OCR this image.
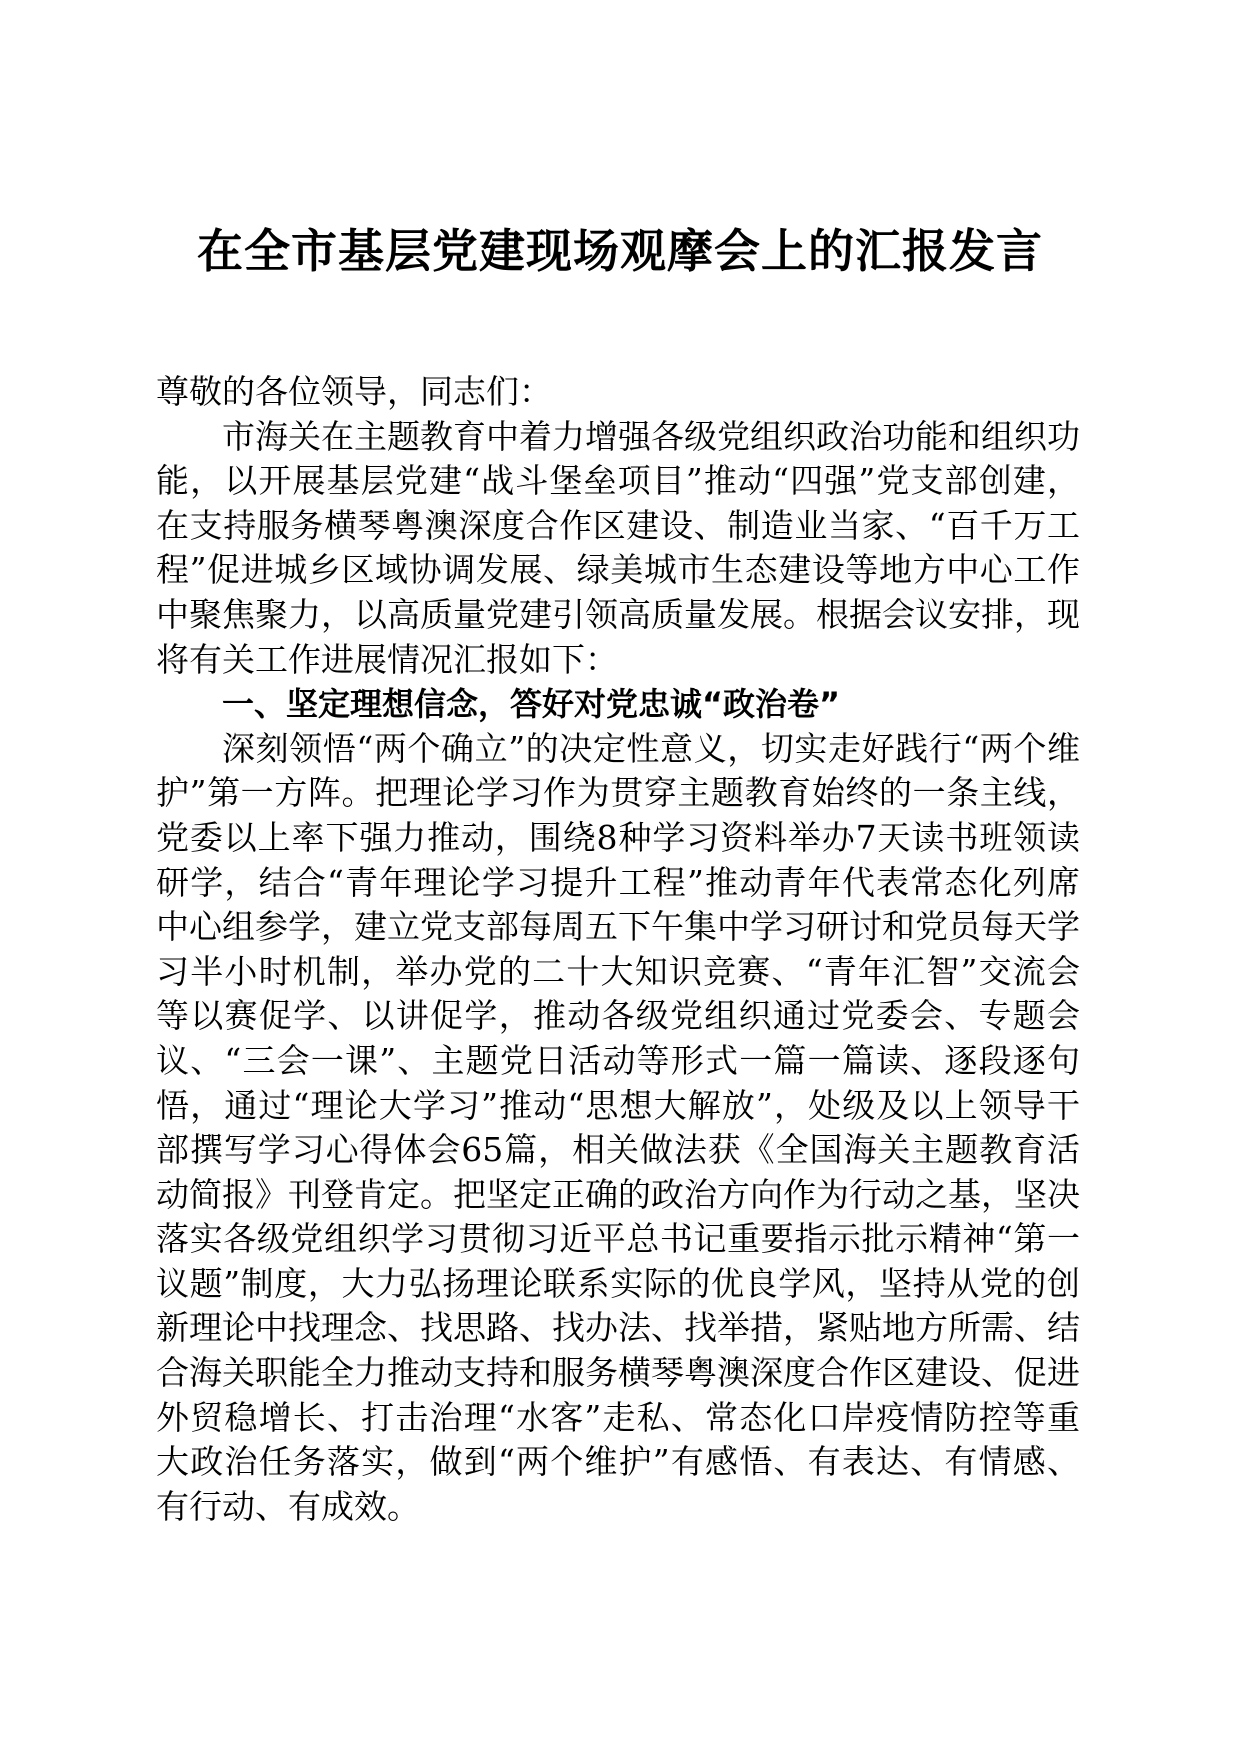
在全市基层党建现场观摩会上的汇报发言

尊敬的各位领导，同志们：

市海关在主题教育中着力增强各级党组织政治功能和组织功能，以开展基层党建“战斗堡垒项目”推动“四强”党支部创建，在支持服务横琴粤澳深度合作区建设、制造业当家、“百千万工程”促进城乡区域协调发展、绿美城市生态建设等地方中心工作中聚焦聚力，以高质量党建引领高质量发展。根据会议安排，现将有关工作进展情况汇报如下：

一、坚定理想信念，答好对党忠诚“政治卷”

深刻领悟“两个确立”的决定性意义，切实走好践行“两个维护”第一方阵。把理论学习作为贯穿主题教育始终的一条主线，党委以上率下强力推动，围绕8种学习资料举办7天读书班领读研学，结合“青年理论学习提升工程”推动青年代表常态化列席中心组参学，建立党支部每周五下午集中学习研讨和党员每天学习半小时机制，举办党的二十大知识竞赛、“青年汇智”交流会等以赛促学、以讲促学，推动各级党组织通过党委会、专题会议、“三会一课”、主题党日活动等形式一篇一篇读、逐段逐句悟，通过“理论大学习”推动“思想大解放”，处级及以上领导干部撰写学习心得体会65篇，相关做法获《全国海关主题教育活动简报》刊登肯定。把坚定正确的政治方向作为行动之基，坚决落实各级党组织学习贯彻习近平总书记重要指示批示精神“第一议题”制度，大力弘扬理论联系实际的优良学风，坚持从党的创新理论中找理念、找思路、找办法、找举措，紧贴地方所需、结合海关职能全力推动支持和服务横琴粤澳深度合作区建设、促进外贸稳增长、打击治理“水客”走私、常态化口岸疫情防控等重大政治任务落实，做到“两个维护”有感悟、有表达、有情感、有行动、有成效。
